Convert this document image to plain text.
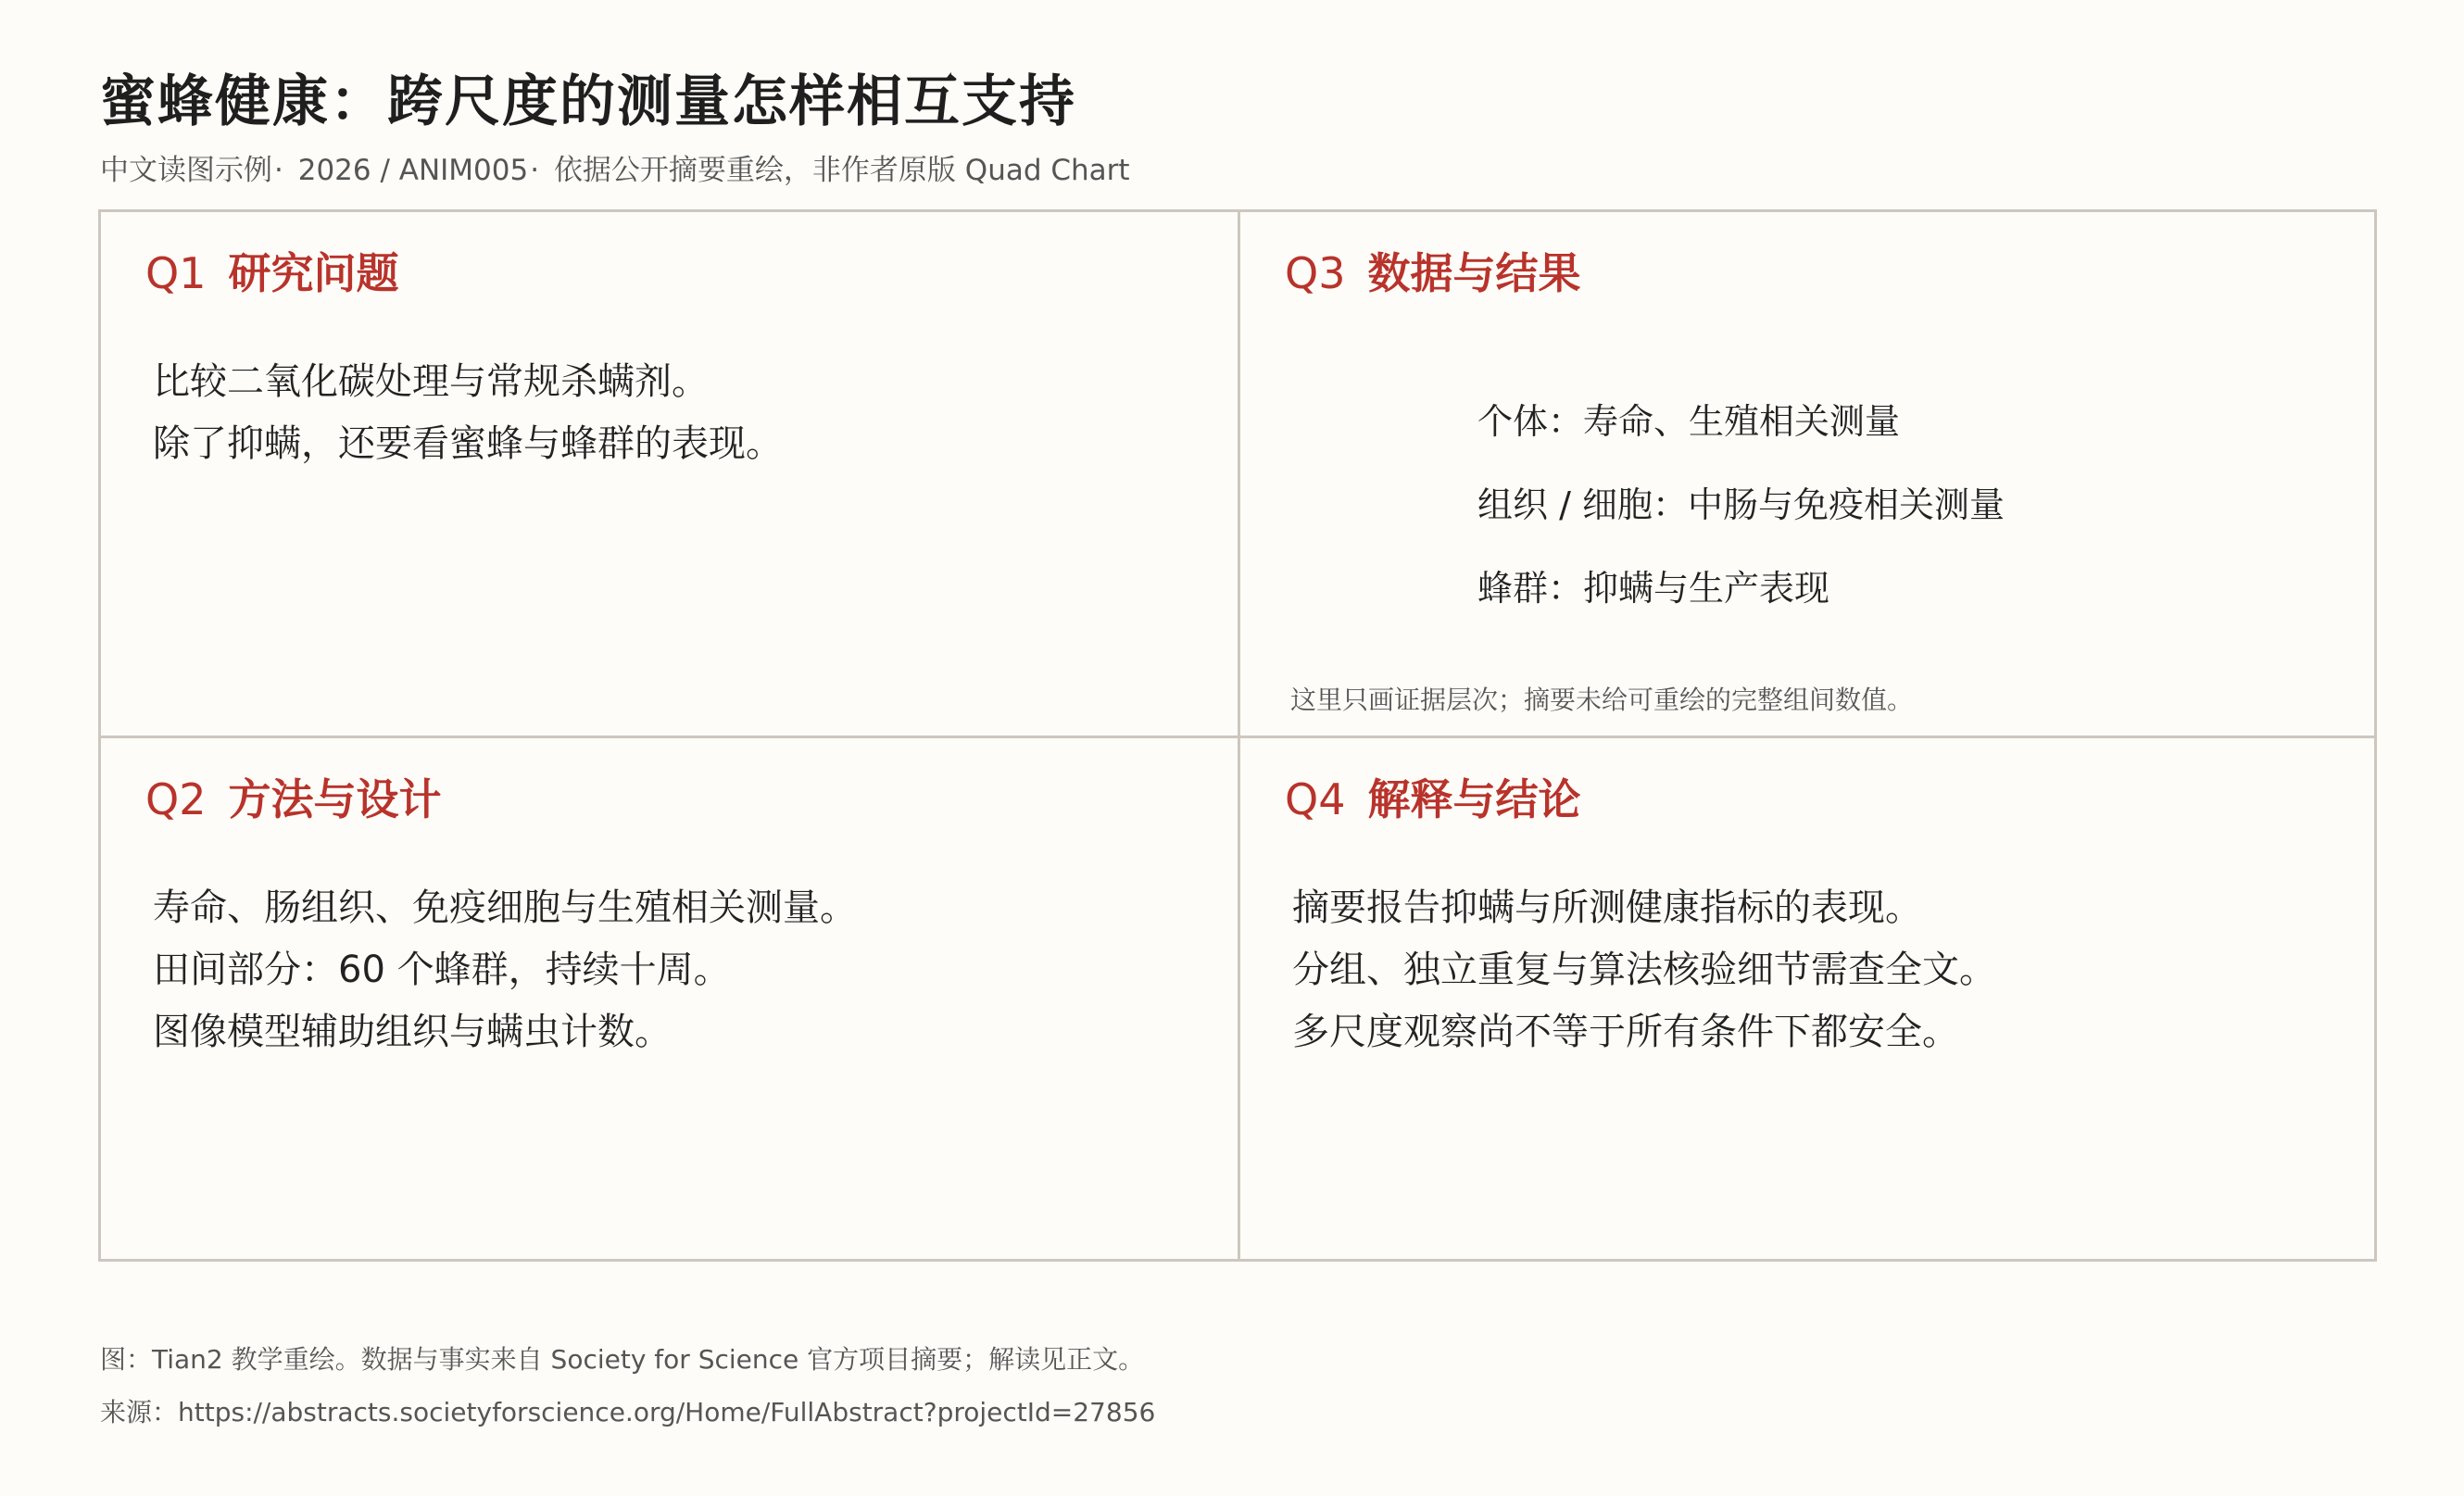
蜜蜂健康：跨尺度的测量怎样相互支持
中文读图示例· 2026 / ANIM005· 依据公开摘要重绘，非作者原版 Quad Chart
Q1 研究问题
比较二氧化碳处理与常规杀螨剂。
除了抑螨，还要看蜜蜂与蜂群的表现。
Q3 数据与结果
个体：寿命、生殖相关测量
组织 / 细胞：中肠与免疫相关测量
蜂群：抑螨与生产表现
这里只画证据层次；摘要未给可重绘的完整组间数值。
Q2 方法与设计
寿命、肠组织、免疫细胞与生殖相关测量。
田间部分：60 个蜂群，持续十周。
图像模型辅助组织与螨虫计数。
Q4 解释与结论
摘要报告抑螨与所测健康指标的表现。
分组、独立重复与算法核验细节需查全文。
多尺度观察尚不等于所有条件下都安全。
图：Tian2 教学重绘。数据与事实来自 Society for Science 官方项目摘要；解读见正文。
来源：https://abstracts.societyforscience.org/Home/FullAbstract?projectId=27856
